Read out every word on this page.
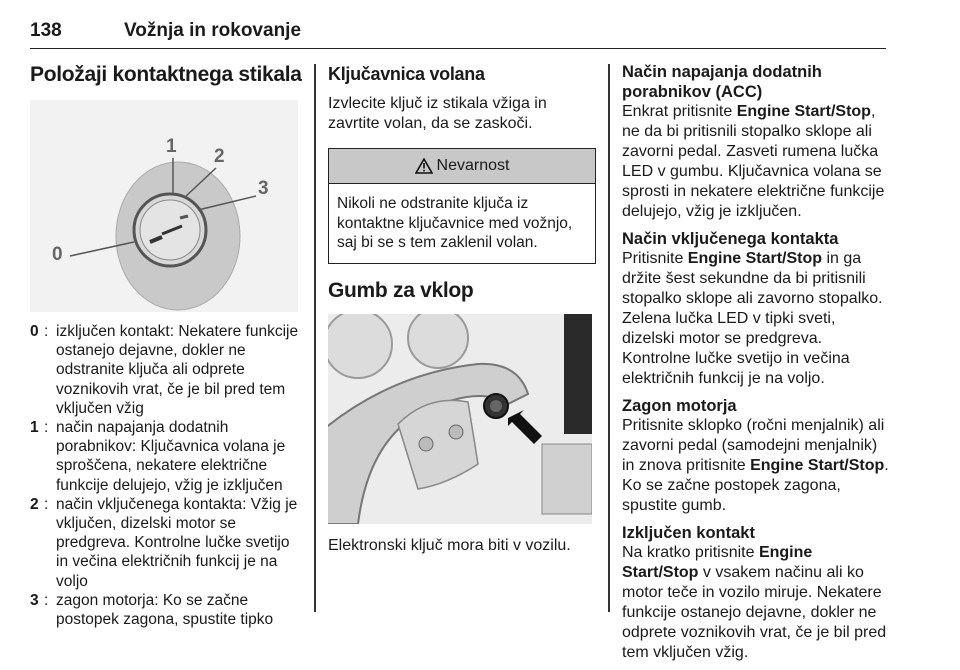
138	Vožnja in rokovanje
Položaji kontaktnega stikala
0
1 2
3
0 : izključen kontakt: Nekatere funkcije ostanejo dejavne, dokler ne odstranite ključa ali odprete voznikovih vrat, če je bil pred tem vključen vžig
1 : način napajanja dodatnih porabnikov: Ključavnica volana je sproščena, nekatere električne funkcije delujejo, vžig je izključen
2 : način vključenega kontakta: Vžig je vključen, dizelski motor se predgreva. Kontrolne lučke svetijo in večina električnih funkcij je na voljo
3 : zagon motorja: Ko se začne postopek zagona, spustite tipko
Ključavnica volana

Izvlecite ključ iz stikala vžiga in zavrtite volan, da se zaskoči.

Nevarnost
Nikoli ne odstranite ključa iz kontaktne ključavnice med vožnjo, saj bi se s tem zaklenil volan.
Gumb za vklop

Elektronski ključ mora biti v vozilu.

Način napajanja dodatnih porabnikov (ACC)

Enkrat pritisnite Engine Start/Stop, ne da bi pritisnili stopalko sklope ali zavorni pedal. Zasveti rumena lučka LED v gumbu. Ključavnica volana se sprosti in nekatere električne funkcije delujejo, vžig je izključen.

Način vključenega kontakta

Pritisnite Engine Start/Stop in ga držite šest sekundne da bi pritisnili stopalko sklope ali zavorno stopalko. Zelena lučka LED v tipki sveti, dizelski motor se predgreva. Kontrolne lučke svetijo in večina električnih funkcij je na voljo.

Zagon motorja

Pritisnite sklopko (ročni menjalnik) ali zavorni pedal (samodejni menjalnik) in znova pritisnite Engine Start/Stop. Ko se začne postopek zagona, spustite gumb.

Izključen kontakt

Na kratko pritisnite Engine Start/Stop v vsakem načinu ali ko motor teče in vozilo miruje. Nekatere funkcije ostanejo dejavne, dokler ne odprete voznikovih vrat, če je bil pred tem vključen vžig.
